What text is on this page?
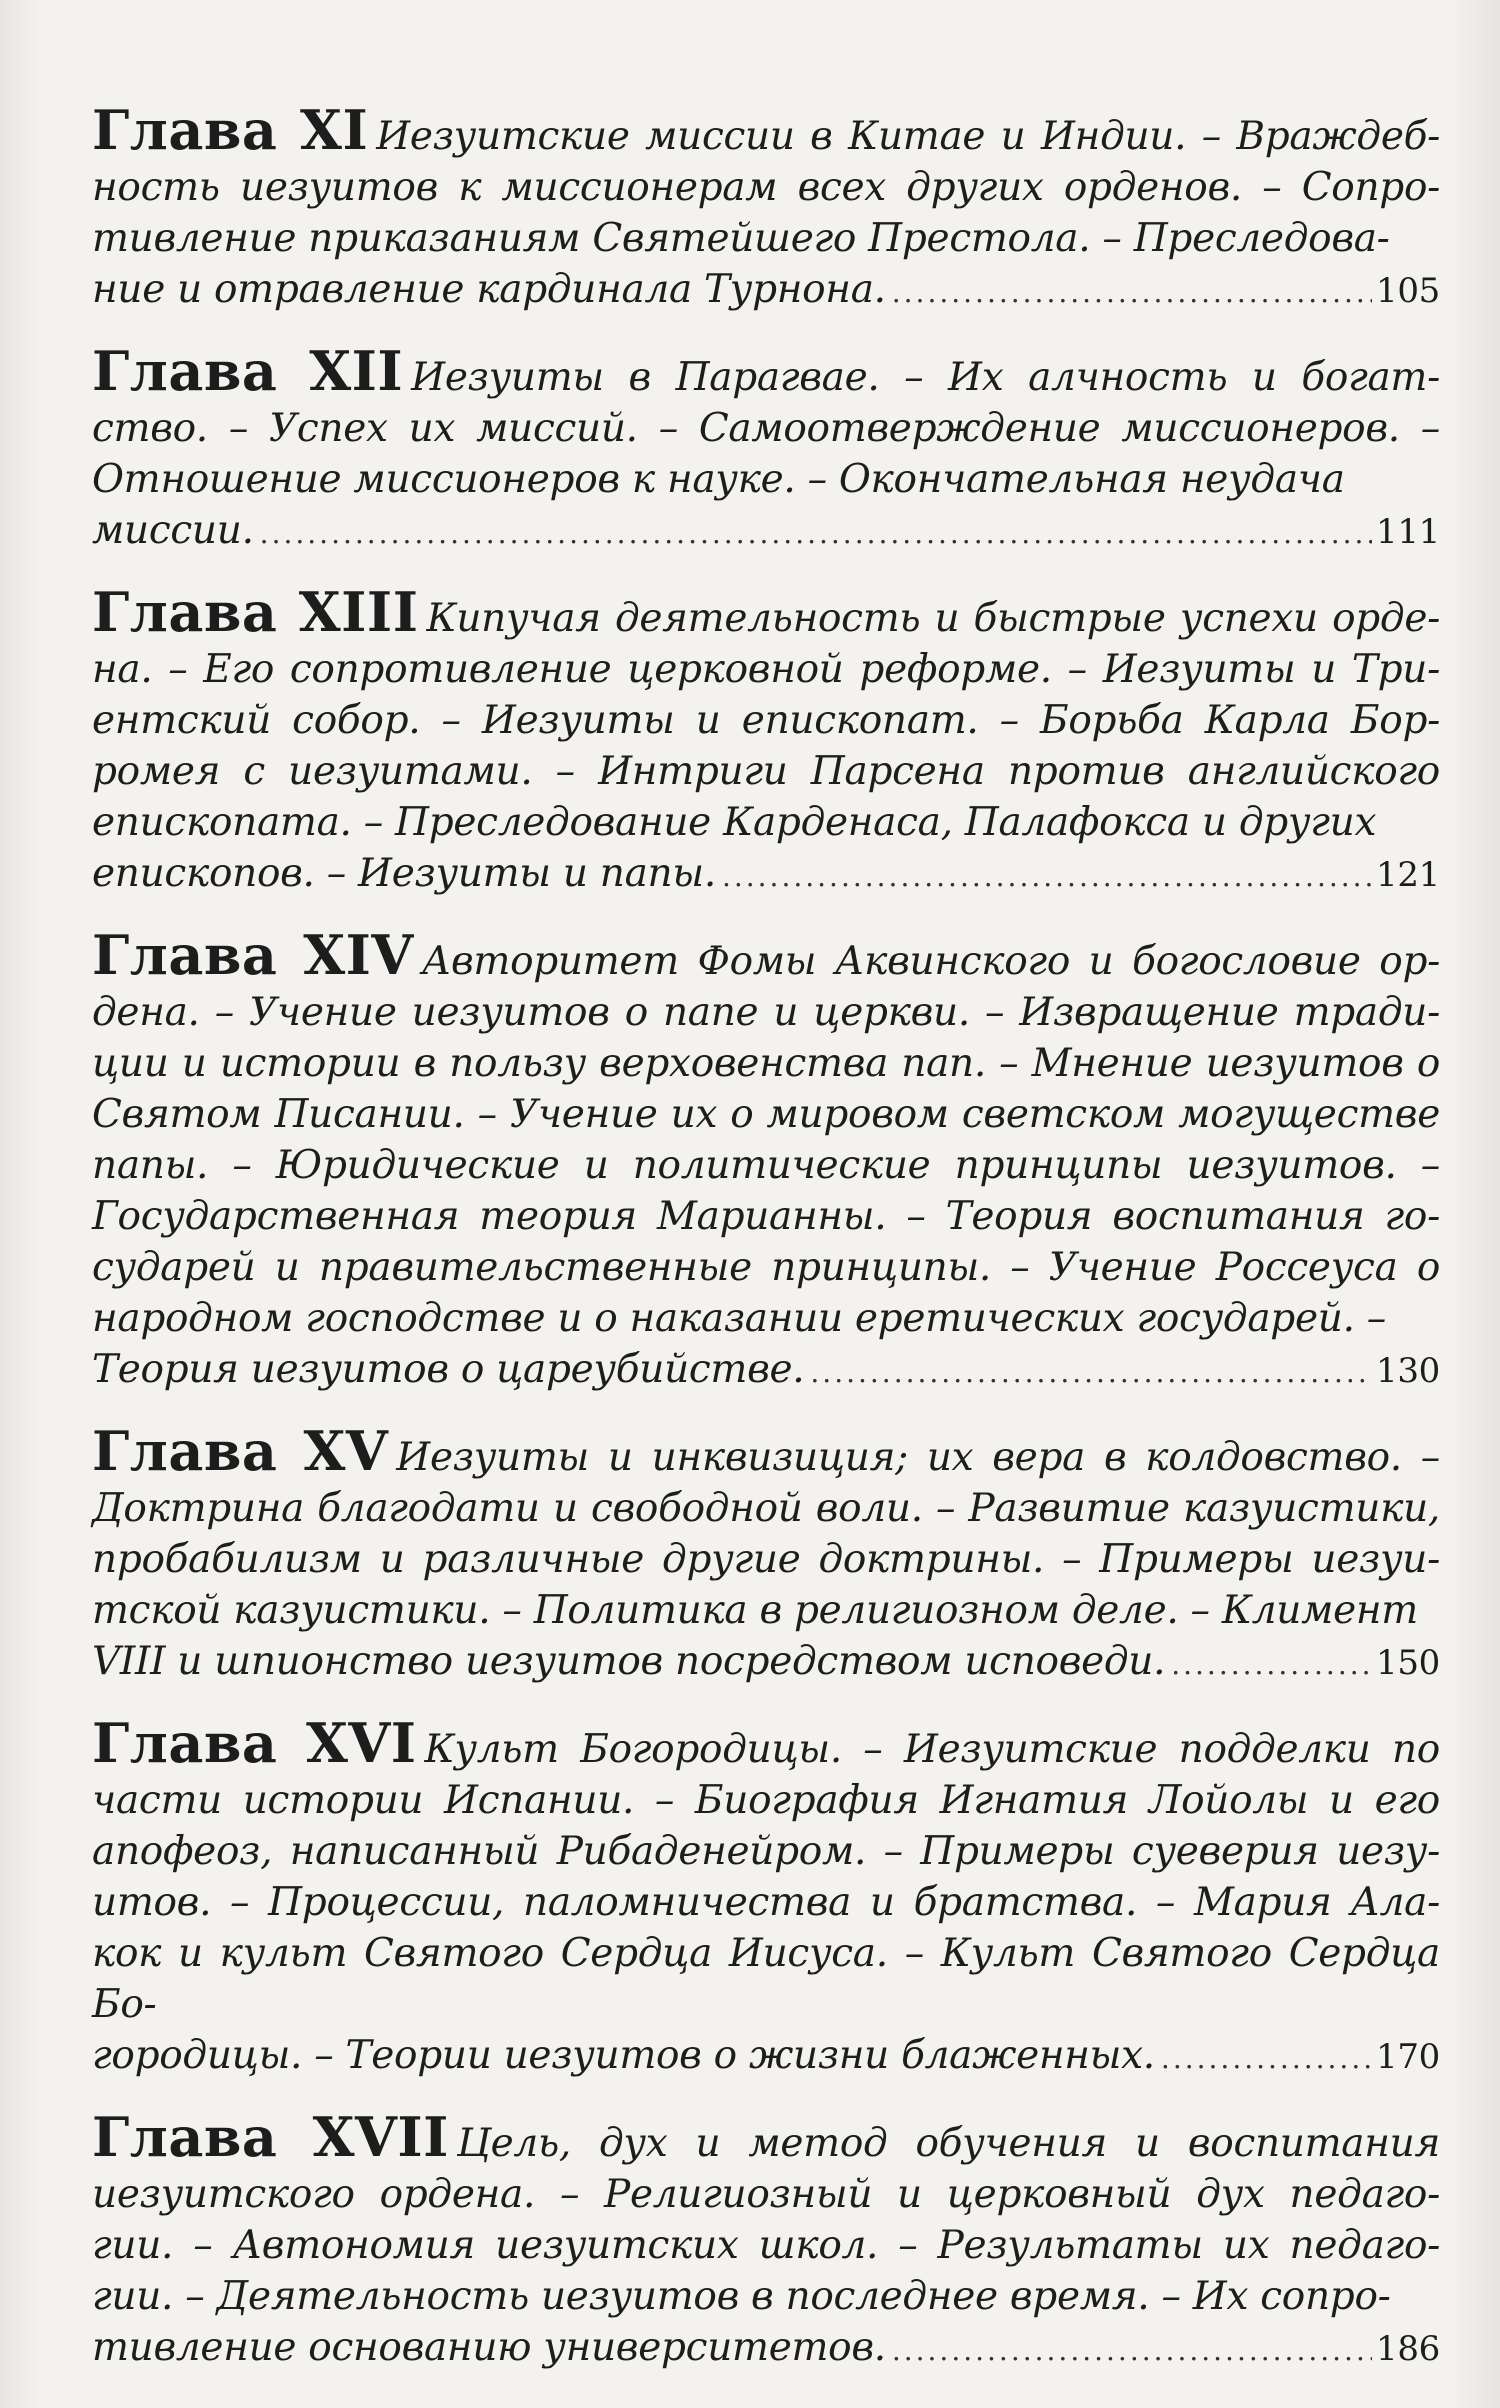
Глава XI Иезуитские миссии в Китае и Индии. – Враждеб- ность иезуитов к миссионерам всех других орденов. – Сопро- тивление приказаниям Святейшего Престола. – Преследова-
ние и отравление кардинала Турнона. .....	105
Глава XII Иезуиты в Парагвае. – Их алчность и богат- ство. – Успех их миссий. – Самоотверждение миссионеров. – Отношение миссионеров к науке. – Окончательная неудача
миссии. .....	111
Глава XIII Кипучая деятельность и быстрые успехи орде- на. – Его сопротивление церковной реформе. – Иезуиты и Три- ентский собор. – Иезуиты и епископат. – Борьба Карла Бор- ромея с иезуитами. – Интриги Парсена против английского епископата. – Преследование Карденаса, Палафокса и других
епископов. – Иезуиты и папы. .....	121
Глава XIV Авторитет Фомы Аквинского и богословие ор- дена. – Учение иезуитов о папе и церкви. – Извращение тради- ции и истории в пользу верховенства пап. – Мнение иезуитов о Святом Писании. – Учение их о мировом светском могуществе папы. – Юридические и политические принципы иезуитов. – Государственная теория Марианны. – Теория воспитания го- сударей и правительственные принципы. – Учение Россеуса о народном господстве и о наказании еретических государей. –
Теория иезуитов о цареубийстве. .....	130
Глава XV Иезуиты и инквизиция; их вера в колдовство. – Доктрина благодати и свободной воли. – Развитие казуистики, пробабилизм и различные другие доктрины. – Примеры иезуи- тской казуистики. – Политика в религиозном деле. – Климент
VIII и шпионство иезуитов посредством исповеди. .....	150
Глава XVI Культ Богородицы. – Иезуитские подделки по части истории Испании. – Биография Игнатия Лойолы и его апофеоз, написанный Рибаденейром. – Примеры суеверия иезу- итов. – Процессии, паломничества и братства. – Мария Ала- кок и культ Святого Сердца Иисуса. – Культ Святого Сердца Бо-
городицы. – Теории иезуитов о жизни блаженных. .....	170
Глава XVII Цель, дух и метод обучения и воспитания иезуитского ордена. – Религиозный и церковный дух педаго- гии. – Автономия иезуитских школ. – Результаты их педаго- гии. – Деятельность иезуитов в последнее время. – Их сопро-
тивление основанию университетов. .....	186
